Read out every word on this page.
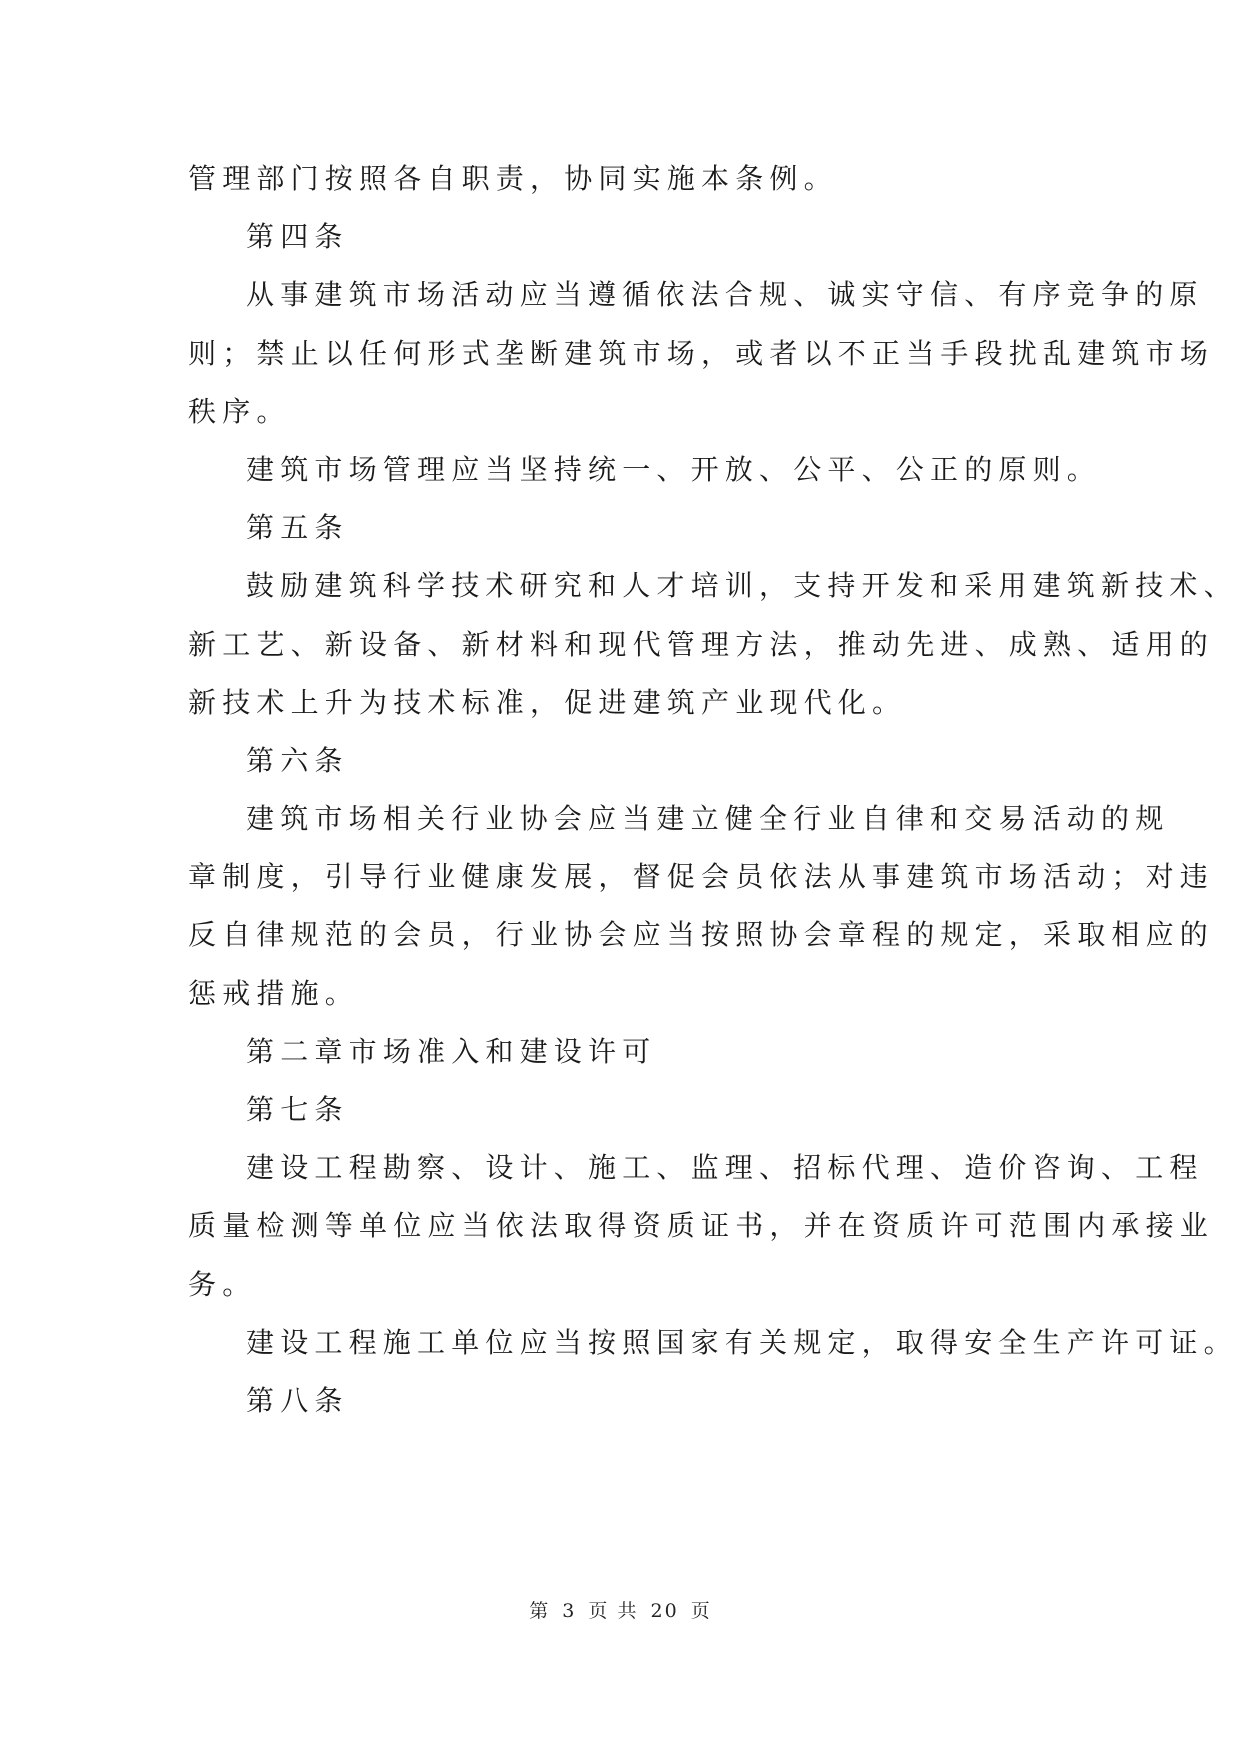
管理部门按照各自职责，协同实施本条例。
第四条
从事建筑市场活动应当遵循依法合规、诚实守信、有序竞争的原
则；禁止以任何形式垄断建筑市场，或者以不正当手段扰乱建筑市场
秩序。
建筑市场管理应当坚持统一、开放、公平、公正的原则。
第五条
鼓励建筑科学技术研究和人才培训，支持开发和采用建筑新技术、
新工艺、新设备、新材料和现代管理方法，推动先进、成熟、适用的
新技术上升为技术标准，促进建筑产业现代化。
第六条
建筑市场相关行业协会应当建立健全行业自律和交易活动的规
章制度，引导行业健康发展，督促会员依法从事建筑市场活动；对违
反自律规范的会员，行业协会应当按照协会章程的规定，采取相应的
惩戒措施。
第二章市场准入和建设许可
第七条
建设工程勘察、设计、施工、监理、招标代理、造价咨询、工程
质量检测等单位应当依法取得资质证书，并在资质许可范围内承接业
务。
建设工程施工单位应当按照国家有关规定，取得安全生产许可证。
第八条
第 3 页 共 20 页
